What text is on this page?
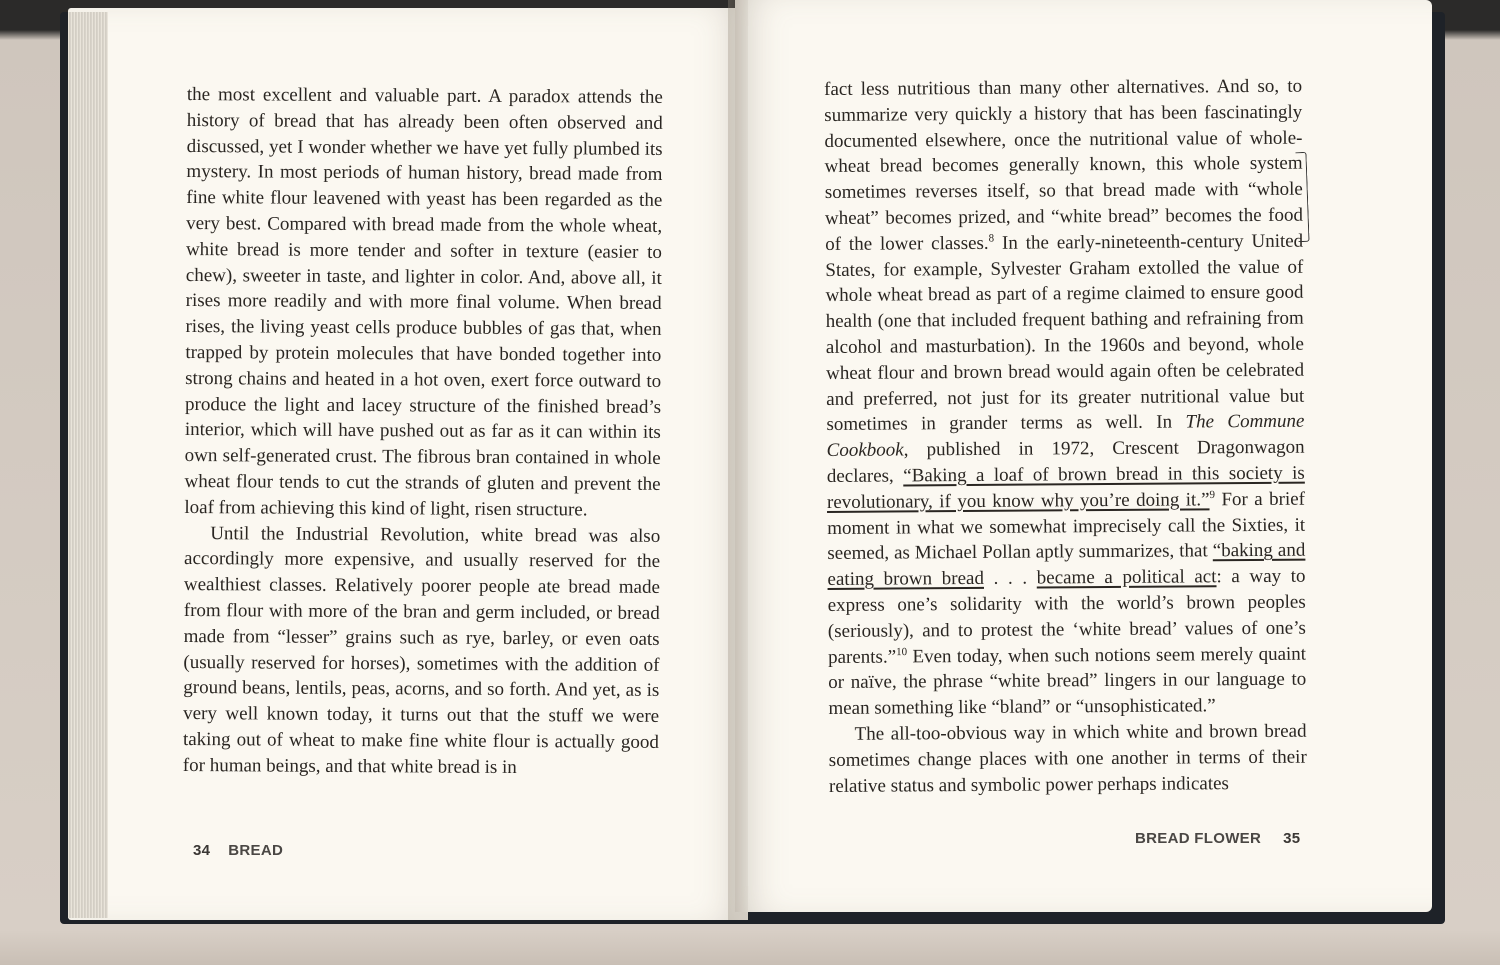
the most excellent and valuable part. A paradox attends the history of bread that has already been often observed and discussed, yet I wonder whether we have yet fully plumbed its mystery. In most periods of human history, bread made from fine white flour leavened with yeast has been regarded as the very best. Compared with bread made from the whole wheat, white bread is more tender and softer in texture (easier to chew), sweeter in taste, and lighter in color. And, above all, it rises more readily and with more final volume. When bread rises, the living yeast cells produce bubbles of gas that, when trapped by protein molecules that have bonded together into strong chains and heated in a hot oven, exert force outward to produce the light and lacey structure of the finished bread’s interior, which will have pushed out as far as it can within its own self-generated crust. The fibrous bran contained in whole wheat flour tends to cut the strands of gluten and prevent the loaf from achieving this kind of light, risen structure.

Until the Industrial Revolution, white bread was also accordingly more expensive, and usually reserved for the wealthiest classes. Relatively poorer people ate bread made from flour with more of the bran and germ included, or bread made from “lesser” grains such as rye, barley, or even oats (usually reserved for horses), sometimes with the addition of ground beans, lentils, peas, acorns, and so forth. And yet, as is very well known today, it turns out that the stuff we were taking out of wheat to make fine white flour is actually good for human beings, and that white bread is in

34 BREAD

fact less nutritious than many other alternatives. And so, to summarize very quickly a history that has been fascinatingly documented elsewhere, once the nutritional value of whole-wheat bread becomes generally known, this whole system sometimes reverses itself, so that bread made with “whole wheat” becomes prized, and “white bread” becomes the food of the lower classes.$^8$ In the early-nineteenth-century United States, for example, Sylvester Graham extolled the value of whole wheat bread as part of a regime claimed to ensure good health (one that included frequent bathing and refraining from alcohol and masturbation). In the 1960s and beyond, whole wheat flour and brown bread would again often be celebrated and preferred, not just for its greater nutritional value but sometimes in grander terms as well. In The Commune Cookbook, published in 1972, Crescent Dragonwagon declares, “Baking a loaf of brown bread in this society is revolutionary, if you know why you’re doing it.”$^9$ For a brief moment in what we somewhat imprecisely call the Sixties, it seemed, as Michael Pollan aptly summarizes, that “baking and eating brown bread . . . became a political act: a way to express one’s solidarity with the world’s brown peoples (seriously), and to protest the ‘white bread’ values of one’s parents.”$^{10}$ Even today, when such notions seem merely quaint or naïve, the phrase “white bread” lingers in our language to mean something like “bland” or “unsophisticated.”

The all-too-obvious way in which white and brown bread sometimes change places with one another in terms of their relative status and symbolic power perhaps indicates

BREAD FLOWER 35
